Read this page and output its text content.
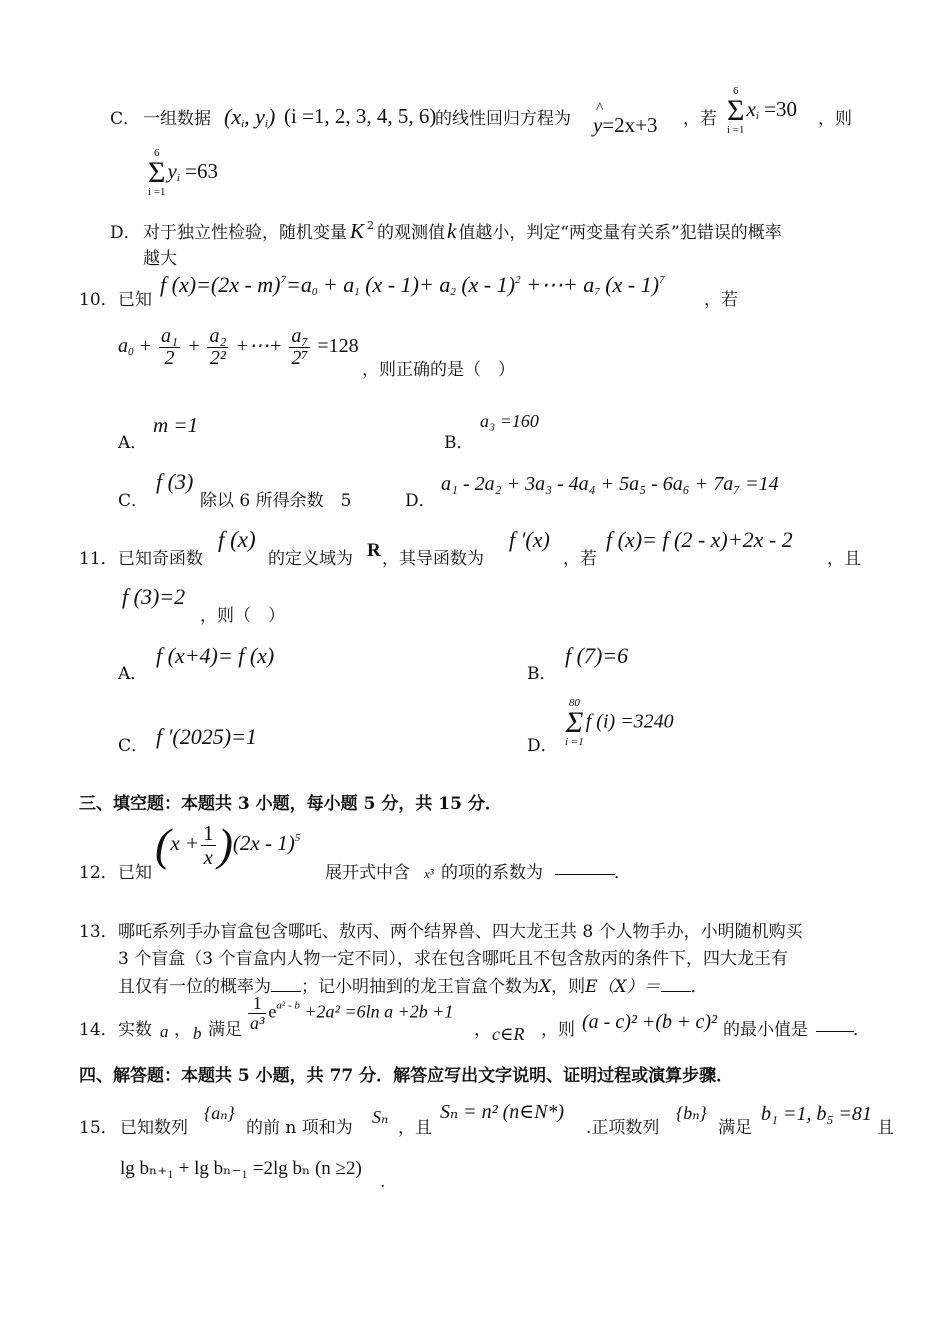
C． 一组数据 ($x_i$, $y_i$) (i =1, 2, 3, 4, 5, 6)
的线性回归方程为
^ y=2x+3 ，若
6
Σ
$i =1x_i =30$ ，则
6
Σ
$i =1y_i =63$
D． 对于独立性检验，随机变量 K $^2$ 的观测值k 值越小，判定“两变量有关系”犯错误的概率
越大
10． 已知
f $(x)=(2x - m)^7=a_0 + a_1$ $(x - 1)+ a_2$ (x - 1)$^2$ +⋯+ $a_7$ (x - 1)$^7$
，若
$a_0 + \frac{\text{a₁}}{2} + \frac{\text{a₂}}{\text{2²}}$ +⋯+ $\frac{\text{a₇}}{\text{2⁷}} =128$
，则正确的是（　）
A．
m =1
B．
a₃ =160
C．
f (3)
除以 6 所得余数　5	D．
a₁ - 2a₂ + 3a₃ - 4a₄ + 5a₅ - 6a₆ + 7a₇ =14
11． 已知奇函数
f (x)
的定义域为 R ，其导函数为
f ′(x)
，若
f (x)= f (2 - x)+2x - 2
，且
f (3)=2
，则（　）
A．
f (x+4)= f (x)
B．
f (7)=6
C． f ′(2025)=1	D．
80
Σ
i =1f (i) =3240
三、填空题：本题共 3 小题，每小题 5 分，共 15 分．
12． 已知
$(x + \frac{1}{x} )(2x - 1)^5$
展开式中含 x³ 的项的系数为	．
13． 哪吒系列手办盲盒包含哪吒、敖丙、两个结界兽、四大龙王共 8 个人物手办，小明随机购买
3 个盲盒（3 个盲盒内人物一定不同），求在包含哪吒且不包含敖丙的条件下，四大龙王有
且仅有一位的概率为 ；记小明抽到的龙王盲盒个数为X，则E（X）＝ ．
14． 实数 a ， b 满足 $\frac{1}{\text{a³}} e^{a^2 - b} +2a^2 =6\ln$ a +2b +1
， c∈R ，则 (a - c)² +(b + c)² 的最小值是	．
四、解答题：本题共 5 小题，共 77 分．解答应写出文字说明、证明过程或演算步骤．
15． 已知数列
{aₙ}
的前 n 项和为
Sₙ
，且
Sₙ = n² (n∈N*)
.正项数列
{bₙ}
满足
b₁ =1, b₅ =81
且
lg bₙ₊₁ + lg bₙ₋₁ =2lg bₙ (n ≥2)
.
